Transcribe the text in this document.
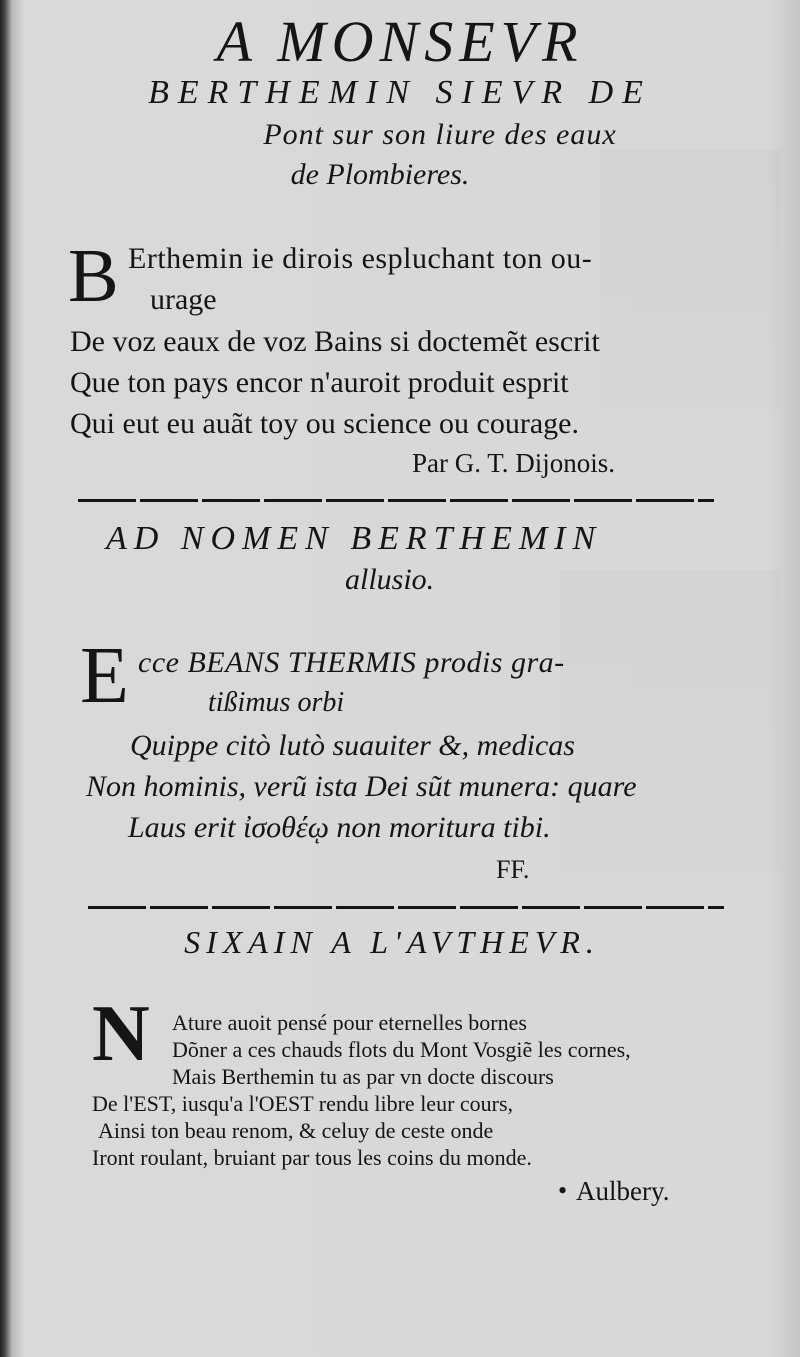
A MONSEVR
BERTHEMIN SIEVR DE
Pont sur son liure des eaux
de Plombieres.
B Erthemin ie dirois espluchant ton ou-
urage
De voz eaux de voz Bains si doctemẽt escrit
Que ton pays encor n'auroit produit esprit
Qui eut eu auãt toy ou science ou courage.
Par G. T. Dijonois.
AD NOMEN BERTHEMIN
allusio.
E cce BEANS THERMIS prodis gra-
tißimus orbi
Quippe citò lutò suauiter &, medicas
Non hominis, verũ ista Dei sũt munera: quare
Laus erit ἰσοθέῳ non moritura tibi.
FF.
SIXAIN A L'AVTHEVR.
N Ature auoit pensé pour eternelles bornes
Dõner a ces chauds flots du Mont Vosgiẽ les cornes,
Mais Berthemin tu as par vn docte discours
De l'EST, iusqu'a l'OEST rendu libre leur cours,
Ainsi ton beau renom, & celuy de ceste onde
Iront roulant, bruiant par tous les coins du monde.
• Aulbery.
